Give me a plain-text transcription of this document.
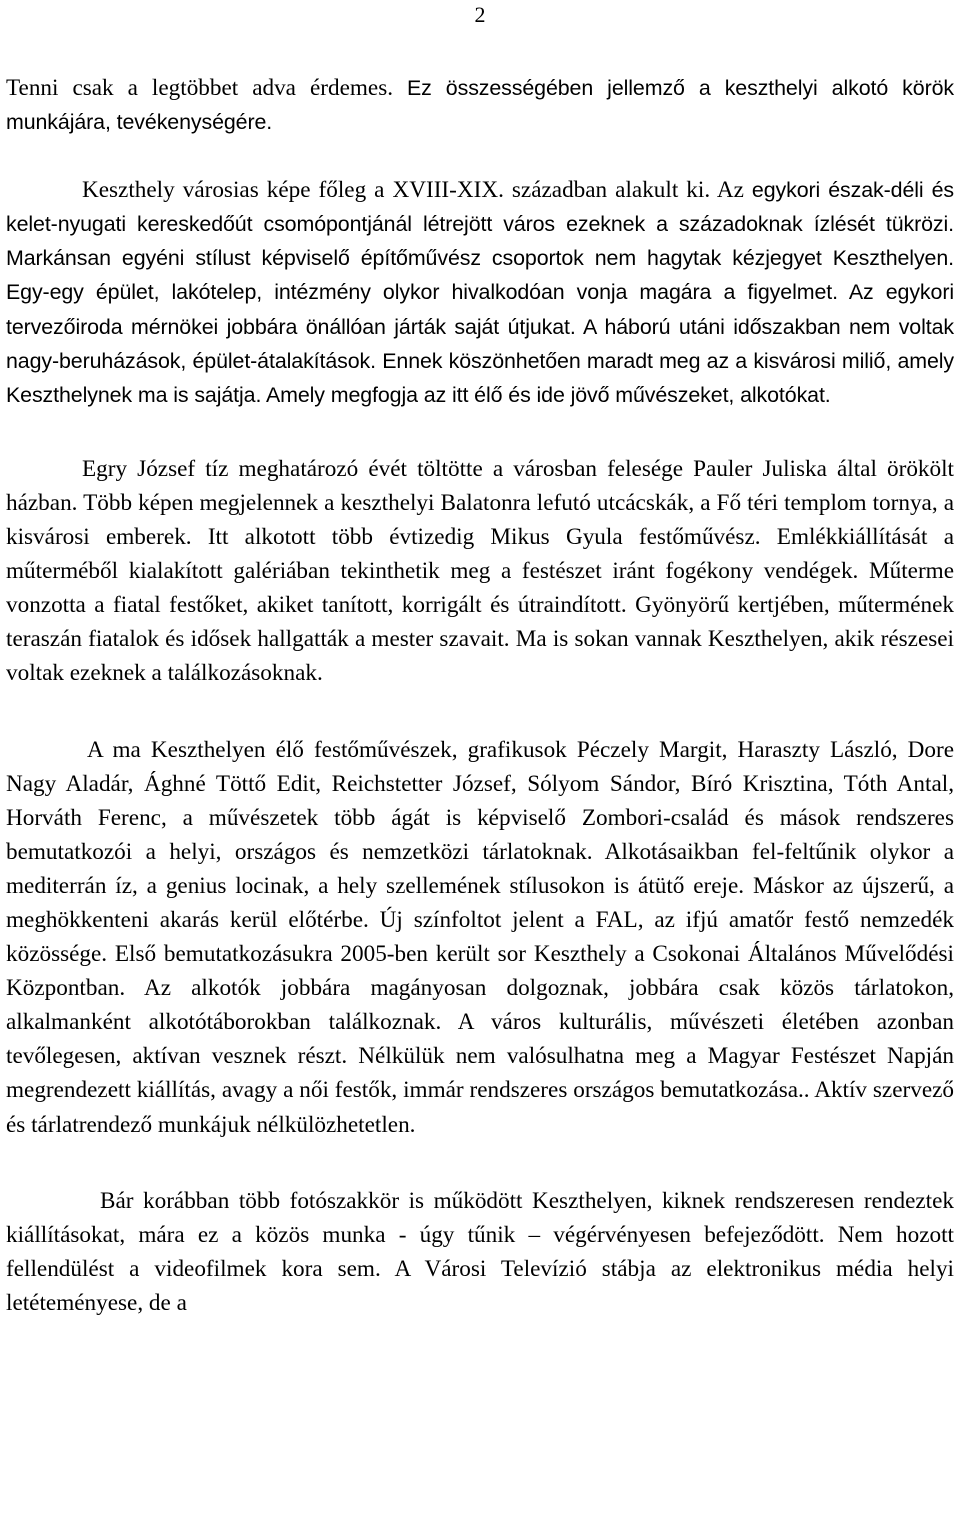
2

Tenni csak a legtöbbet adva érdemes. Ez összességében jellemző a keszthelyi alkotó körök munkájára, tevékenységére.

Keszthely városias képe főleg a XVIII-XIX. században alakult ki. Az egykori észak-déli és kelet-nyugati kereskedőút csomópontjánál létrejött város ezeknek a századoknak ízlését tükrözi. Markánsan egyéni stílust képviselő építőművész csoportok nem hagytak kézjegyet Keszthelyen. Egy-egy épület, lakótelep, intézmény olykor hivalkodóan vonja magára a figyelmet. Az egykori tervezőiroda mérnökei jobbára önállóan járták saját útjukat. A háború utáni időszakban nem voltak nagy-beruházások, épület-átalakítások. Ennek köszönhetően maradt meg az a kisvárosi miliő, amely Keszthelynek ma is sajátja. Amely megfogja az itt élő és ide jövő művészeket, alkotókat.

Egry József tíz meghatározó évét töltötte a városban felesége Pauler Juliska által örökölt házban. Több képen megjelennek a keszthelyi Balatonra lefutó utcácskák, a Fő téri templom tornya, a kisvárosi emberek. Itt alkotott több évtizedig Mikus Gyula festőművész. Emlékkiállítását a műterméből kialakított galériában tekinthetik meg a festészet iránt fogékony vendégek. Műterme vonzotta a fiatal festőket, akiket tanított, korrigált és útraindított. Gyönyörű kertjében, műtermének teraszán fiatalok és idősek hallgatták a mester szavait. Ma is sokan vannak Keszthelyen, akik részesei voltak ezeknek a találkozásoknak.

A ma Keszthelyen élő festőművészek, grafikusok Péczely Margit, Haraszty László, Dore Nagy Aladár, Ághné Töttő Edit, Reichstetter József, Sólyom Sándor, Bíró Krisztina, Tóth Antal, Horváth Ferenc, a művészetek több ágát is képviselő Zombori-család és mások rendszeres bemutatkozói a helyi, országos és nemzetközi tárlatoknak. Alkotásaikban fel-feltűnik olykor a mediterrán íz, a genius locinak, a hely szellemének stílusokon is átütő ereje. Máskor az újszerű, a meghökkenteni akarás kerül előtérbe. Új színfoltot jelent a FAL, az ifjú amatőr festő nemzedék közössége. Első bemutatkozásukra 2005-ben került sor Keszthely a Csokonai Általános Művelődési Központban. Az alkotók jobbára magányosan dolgoznak, jobbára csak közös tárlatokon, alkalmanként alkotótáborokban találkoznak. A város kulturális, művészeti életében azonban tevőlegesen, aktívan vesznek részt. Nélkülük nem valósulhatna meg a Magyar Festészet Napján megrendezett kiállítás, avagy a női festők, immár rendszeres országos bemutatkozása.. Aktív szervező és tárlatrendező munkájuk nélkülözhetetlen.

Bár korábban több fotószakkör is működött Keszthelyen, kiknek rendszeresen rendeztek kiállításokat, mára ez a közös munka - úgy tűnik – végérvényesen befejeződött. Nem hozott fellendülést a videofilmek kora sem. A Városi Televízió stábja az elektronikus média helyi letéteményese, de a
